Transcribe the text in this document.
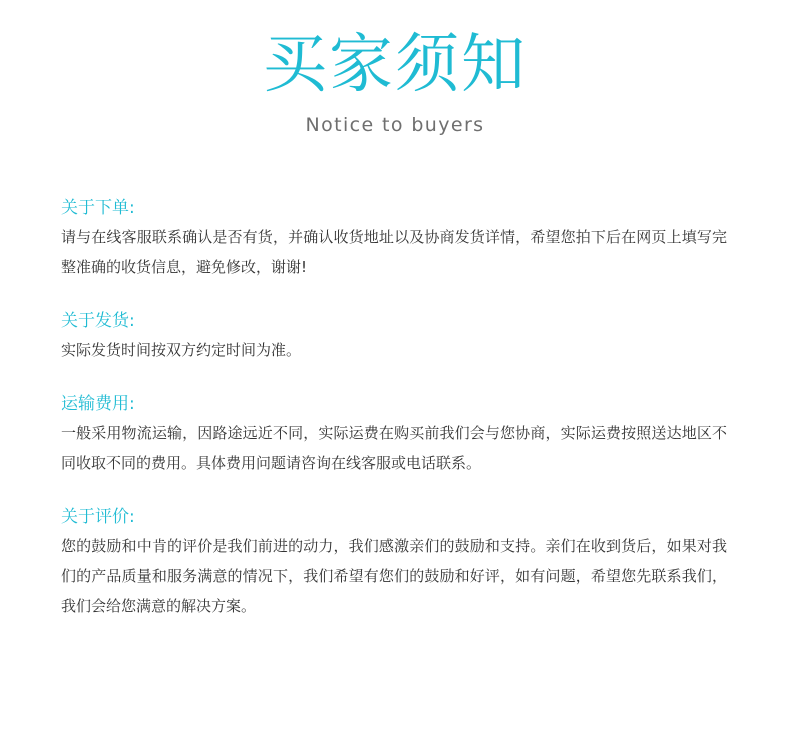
买家须知
Notice to buyers
关于下单:
请与在线客服联系确认是否有货，并确认收货地址以及协商发货详情，希望您拍下后在网页上填写完整准确的收货信息，避免修改，谢谢!
关于发货:
实际发货时间按双方约定时间为准。
运输费用:
一般采用物流运输，因路途远近不同，实际运费在购买前我们会与您协商，实际运费按照送达地区不同收取不同的费用。具体费用问题请咨询在线客服或电话联系。
关于评价:
您的鼓励和中肯的评价是我们前进的动力，我们感激亲们的鼓励和支持。亲们在收到货后，如果对我们的产品质量和服务满意的情况下，我们希望有您们的鼓励和好评，如有问题，希望您先联系我们，我们会给您满意的解决方案。
